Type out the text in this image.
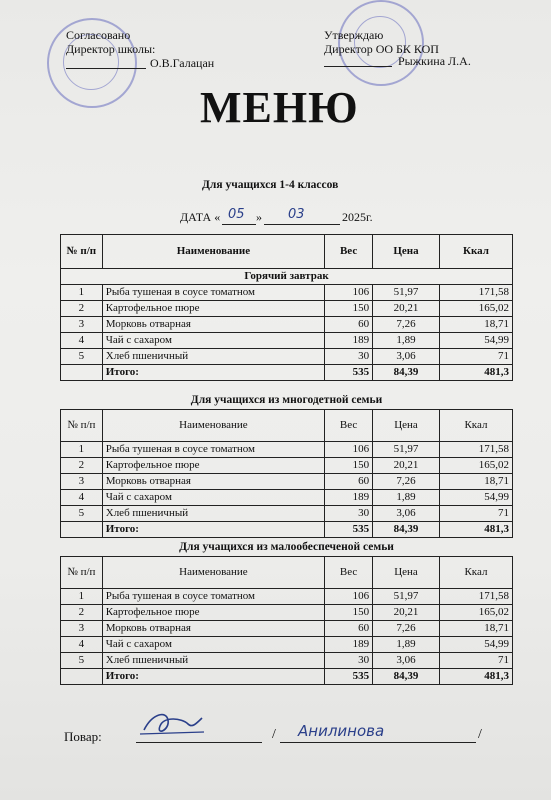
Согласовано
Директор школы:
О.В.Галацан
Утверждаю
Директор ОО БК КОП
Рыжкина Л.А.
МЕНЮ
Для учащихся 1-4 классов
ДАТА « 05 » 03	2025г.
№ п/п	Наименование	Вес	Цена	Ккал
Горячий завтрак				
1	Рыба тушеная в соусе томатном	106	51,97	171,58
2	Картофельное пюре	150	20,21	165,02
3	Морковь отварная	60	7,26	18,71
4	Чай с сахаром	189	1,89	54,99
5	Хлеб пшеничный	30	3,06	71
	Итого:	535	84,39	481,3
Для учащихся из многодетной семьи
№ п/п	Наименование	Вес	Цена	Ккал
1	Рыба тушеная в соусе томатном	106	51,97	171,58
2	Картофельное пюре	150	20,21	165,02
3	Морковь отварная	60	7,26	18,71
4	Чай с сахаром	189	1,89	54,99
5	Хлеб пшеничный	30	3,06	71
	Итого:	535	84,39	481,3
Для учащихся из малообеспеченой семьи
№ п/п	Наименование	Вес	Цена	Ккал
1	Рыба тушеная в соусе томатном	106	51,97	171,58
2	Картофельное пюре	150	20,21	165,02
3	Морковь отварная	60	7,26	18,71
4	Чай с сахаром	189	1,89	54,99
5	Хлеб пшеничный	30	3,06	71
	Итого:	535	84,39	481,3
Повар:	/ Анилинова	/
